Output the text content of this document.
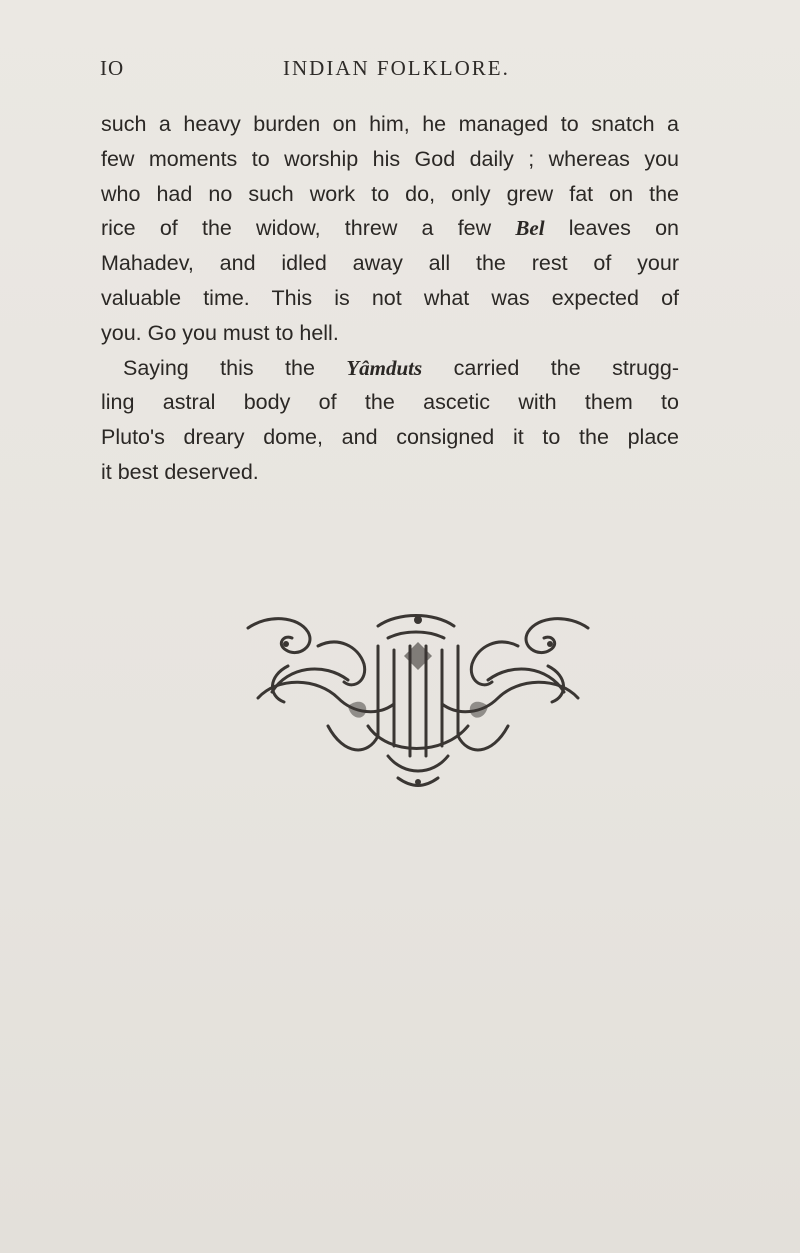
IO	INDIAN FOLKLORE.

such a heavy burden on him, he managed to snatch a
few moments to worship his God daily ; whereas you
who had no such work to do, only grew fat on the
rice of the widow, threw a few Bel leaves on
Mahadev, and idled away all the rest of your
valuable time. This is not what was expected of
you. Go you must to hell.

Saying this the Yâmduts carried the strugg-
ling astral body of the ascetic with them to
Pluto's dreary dome, and consigned it to the place
it best deserved.
